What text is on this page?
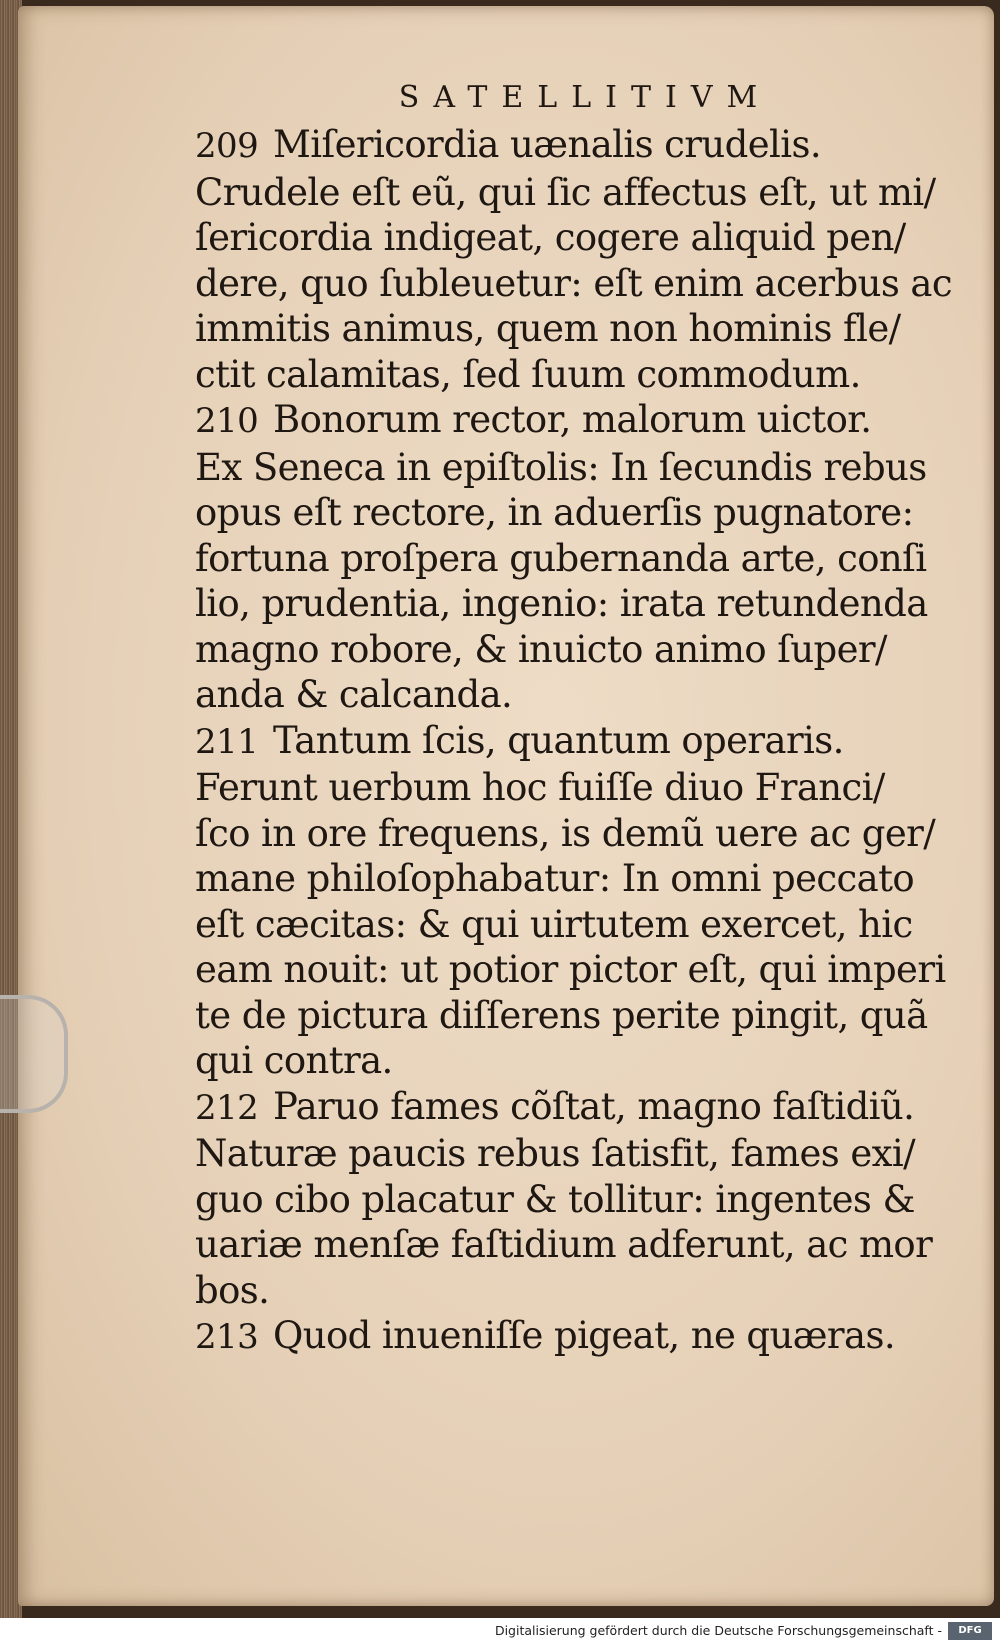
SATELLITIVM
209 Miſericordia uænalis crudelis.
Crudele eſt eũ, qui ſic affectus eſt, ut mi/
ſericordia indigeat, cogere aliquid pen/
dere, quo ſubleuetur: eſt enim acerbus ac
immitis animus, quem non hominis fle/
ctit calamitas, ſed ſuum commodum.
210 Bonorum rector, malorum uictor.
Ex Seneca in epiſtolis: In ſecundis rebus
opus eſt rectore, in aduerſis pugnatore:
fortuna proſpera gubernanda arte, conſi
lio, prudentia, ingenio: irata retundenda
magno robore, & inuicto animo ſuper/
anda & calcanda.
211 Tantum ſcis, quantum operaris.
Ferunt uerbum hoc fuiſſe diuo Franci/
ſco in ore frequens, is demũ uere ac ger/
mane philoſophabatur: In omni peccato
eſt cæcitas: & qui uirtutem exercet, hic
eam nouit: ut potior pictor eſt, qui imperi
te de pictura diſſerens perite pingit, quã
qui contra.
212 Paruo fames cõſtat, magno faſtidiũ.
Naturæ paucis rebus ſatisfit, fames exi/
guo cibo placatur & tollitur: ingentes &
uariæ menſæ faſtidium adferunt, ac mor
bos.
213 Quod inueniſſe pigeat, ne quæras.
Digitalisierung gefördert durch die Deutsche Forschungsgemeinschaft -	DFG
